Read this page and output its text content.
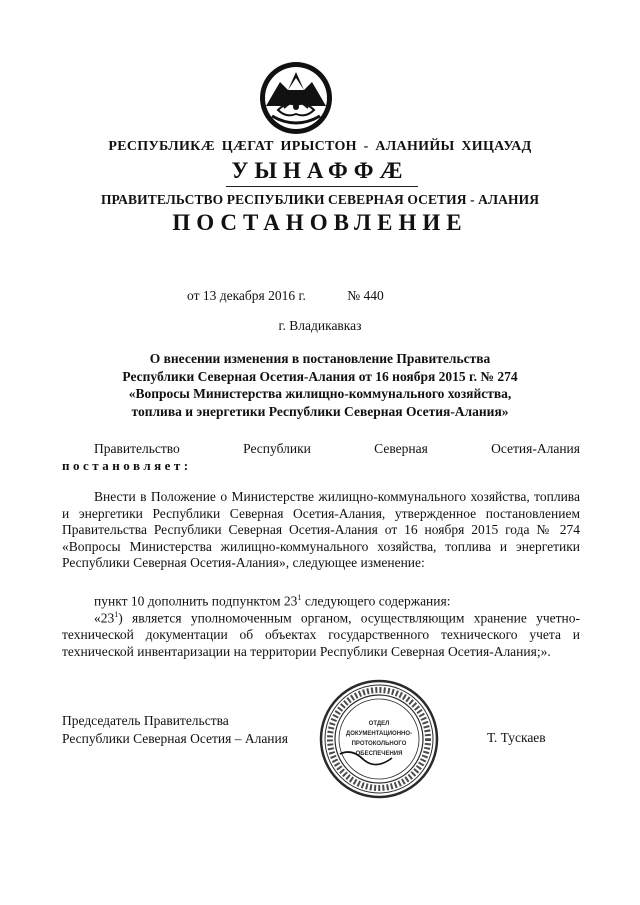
РЕСПУБЛИКÆ ЦÆГАТ ИРЫСТОН - АЛАНИЙЫ ХИЦАУАД
УЫНАФФÆ
ПРАВИТЕЛЬСТВО РЕСПУБЛИКИ СЕВЕРНАЯ ОСЕТИЯ - АЛАНИЯ
ПОСТАНОВЛЕНИЕ
от 13 декабря 2016 г.	№ 440
г. Владикавказ
О внесении изменения в постановление Правительства
Республики Северная Осетия-Алания от 16 ноября 2015 г. № 274
«Вопросы Министерства жилищно-коммунального хозяйства,
топлива и энергетики Республики Северная Осетия-Алания»
Правительство Республики Северная Осетия-Алания
постановляет:
Внести в Положение о Министерстве жилищно-коммунального хозяйства, топлива и энергетики Республики Северная Осетия-Алания, утвержденное постановлением Правительства Республики Северная Осетия-Алания от 16 ноября 2015 года № 274 «Вопросы Министерства жилищно-коммунального хозяйства, топлива и энергетики Республики Северная Осетия-Алания», следующее изменение:
пункт 10 дополнить подпунктом $23^1$ следующего содержания:
«$23^1$) является уполномоченным органом, осуществляющим хранение учетно-технической документации об объектах государственного технического учета и технической инвентаризации на территории Республики Северная Осетия-Алания;».
Председатель Правительства
Республики Северная Осетия – Алания
ОТДЕЛ
ДОКУМЕНТАЦИОННО-
ПРОТОКОЛЬНОГО
ОБЕСПЕЧЕНИЯ
Т. Тускаев
